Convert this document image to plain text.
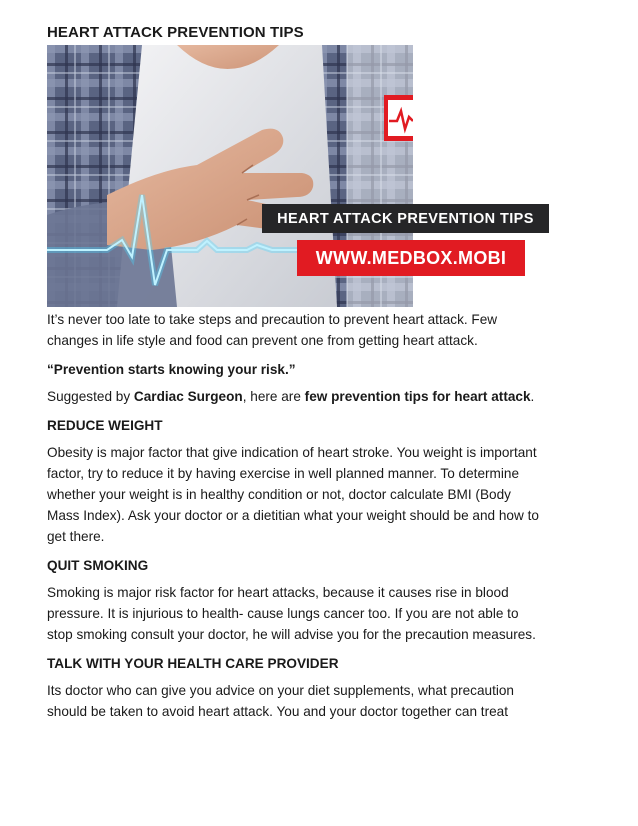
HEART ATTACK PREVENTION TIPS
HEART ATTACK PREVENTION TIPS
WWW.MEDBOX.MOBI

It’s never too late to take steps and precaution to prevent heart attack. Few changes in life style and food can prevent one from getting heart attack.

“Prevention starts knowing your risk.”

Suggested by Cardiac Surgeon, here are few prevention tips for heart attack.

REDUCE WEIGHT

Obesity is major factor that give indication of heart stroke. You weight is important factor, try to reduce it by having exercise in well planned manner. To determine whether your weight is in healthy condition or not, doctor calculate BMI (Body Mass Index). Ask your doctor or a dietitian what your weight should be and how to get there.

QUIT SMOKING

Smoking is major risk factor for heart attacks, because it causes rise in blood pressure. It is injurious to health- cause lungs cancer too. If you are not able to stop smoking consult your doctor, he will advise you for the precaution measures.

TALK WITH YOUR HEALTH CARE PROVIDER

Its doctor who can give you advice on your diet supplements, what precaution should be taken to avoid heart attack. You and your doctor together can treat
